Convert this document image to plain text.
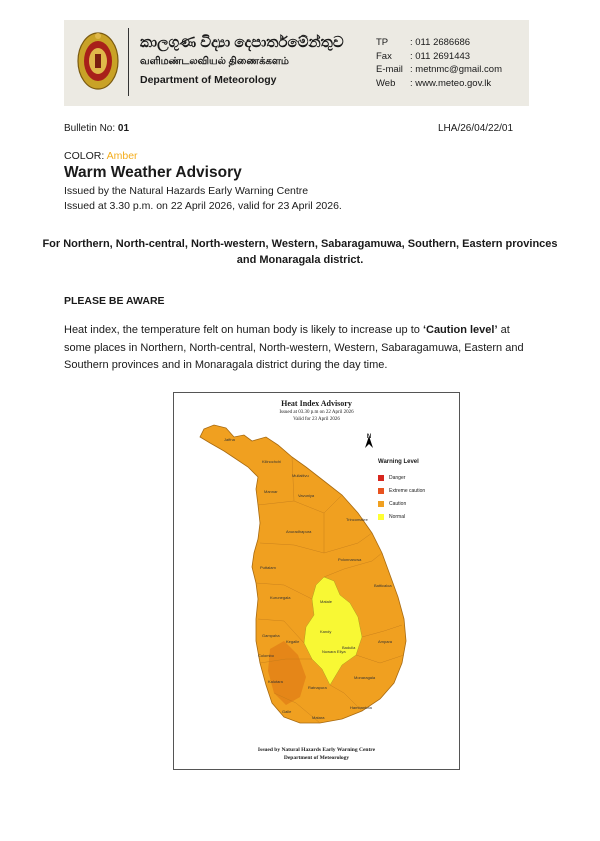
කාලගුණ විද්‍යා දෙපාර්තමේන්තුව
வளிமண்டலவியல் திணைக்களம்
Department of Meteorology
TP : 011 2686686
Fax : 011 2691443
E-mail : metnmc@gmail.com
Web : www.meteo.gov.lk
Bulletin No: 01	LHA/26/04/22/01
COLOR: Amber
Warm Weather Advisory
Issued by the Natural Hazards Early Warning Centre
Issued at 3.30 p.m. on 22 April 2026, valid for 23 April 2026.
For Northern, North-central, North-western, Western, Sabaragamuwa, Southern, Eastern provinces and Monaragala district.
PLEASE BE AWARE
Heat index, the temperature felt on human body is likely to increase up to ‘Caution level’ at some places in Northern, North-central, North-western, Western, Sabaragamuwa, Eastern and Southern provinces and in Monaragala district during the day time.
Heat Index Advisory
Issued at 03.30 p.m on 22 April 2026
Valid for 23 April 2026
Jaffna
Kilinochchi
Mullaitivu
Mannar
Vavuniya
Trincomalee
Anuradhapura
Puttalam
Polonnaruwa
Batticaloa
Kurunegala
Matale
Kandy
Ampara
Gampaha
Kegalle
Colombo
Nuwara Eliya
Badulla
Kalutara
Ratnapura
Monaragala
Galle
Matara
Hambantota
N
Warning Level
Danger
Extreme caution
Caution
Normal
Issued by Natural Hazards Early Warning Centre
Department of Meteorology
